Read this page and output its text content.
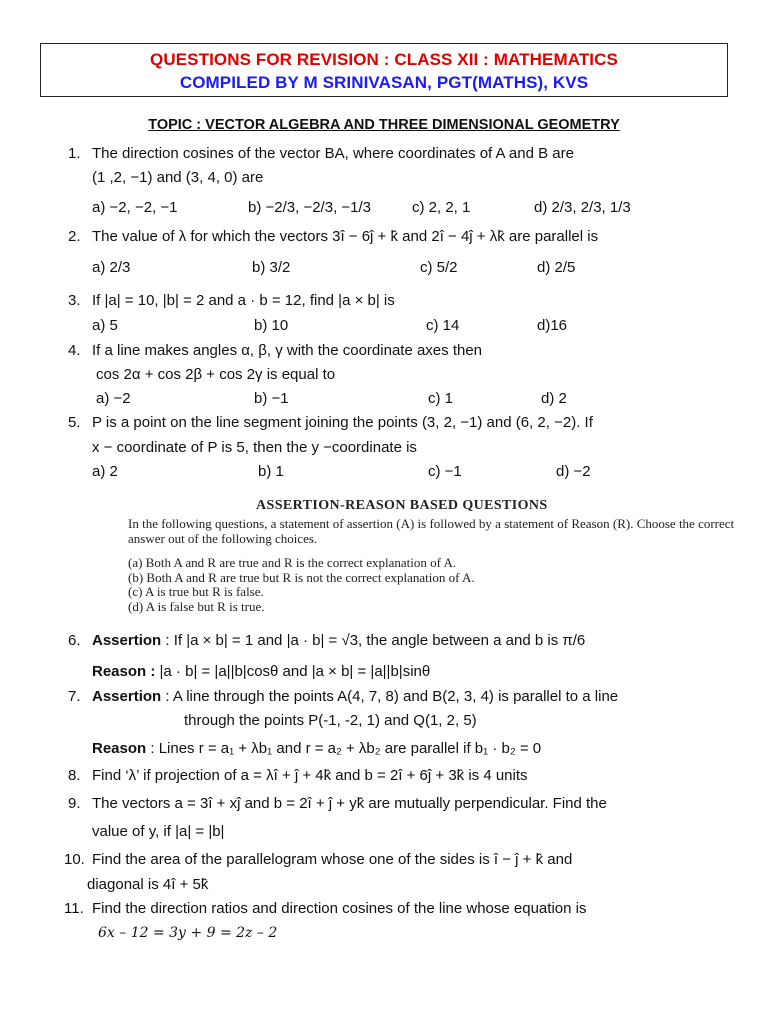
QUESTIONS FOR REVISION : CLASS XII : MATHEMATICS
COMPILED BY M SRINIVASAN, PGT(MATHS), KVS
TOPIC : VECTOR ALGEBRA AND THREE DIMENSIONAL GEOMETRY
1. The direction cosines of the vector BA, where coordinates of A and B are
(1 ,2, −1) and (3, 4, 0) are
a) −2, −2, −1	b) −2/3, −2/3, −1/3	c) 2, 2, 1	d) 2/3, 2/3, 1/3
2. The value of λ for which the vectors 3î − 6ĵ + k̂ and 2î − 4ĵ + λk̂ are parallel is
a) 2/3	b) 3/2	c) 5/2	d) 2/5
3. If |a| = 10, |b| = 2 and a · b = 12, find |a × b| is
a) 5	b) 10	c) 14	d)16
4. If a line makes angles α, β, γ with the coordinate axes then
cos 2α + cos 2β + cos 2γ is equal to
a) −2	b) −1	c) 1	d) 2
5. P is a point on the line segment joining the points (3, 2, −1) and (6, 2, −2). If
x − coordinate of P is 5, then the y −coordinate is
a) 2	b) 1	c) −1	d) −2
ASSERTION-REASON BASED QUESTIONS
In the following questions, a statement of assertion (A) is followed by a statement of Reason (R). Choose the correct answer out of the following choices.
(a) Both A and R are true and R is the correct explanation of A.
(b) Both A and R are true but R is not the correct explanation of A.
(c) A is true but R is false.
(d) A is false but R is true.
6. Assertion : If |a × b| = 1 and |a · b| = √3, the angle between a and b is π/6
Reason : |a · b| = |a||b|cosθ and |a × b| = |a||b|sinθ
7. Assertion : A line through the points A(4, 7, 8) and B(2, 3, 4) is parallel to a line
through the points P(-1, -2, 1) and Q(1, 2, 5)
Reason : Lines r = a₁ + λb₁ and r = a₂ + λb₂ are parallel if b₁ · b₂ = 0
8. Find ‘λ’ if projection of a = λî + ĵ + 4k̂ and b = 2î + 6ĵ + 3k̂ is 4 units
9. The vectors a = 3î + xĵ and b = 2î + ĵ + yk̂ are mutually perpendicular. Find the
value of y, if |a| = |b|
10. Find the area of the parallelogram whose one of the sides is î − ĵ + k̂ and
diagonal is 4î + 5k̂
11. Find the direction ratios and direction cosines of the line whose equation is
6x – 12 = 3y + 9 = 2z – 2
